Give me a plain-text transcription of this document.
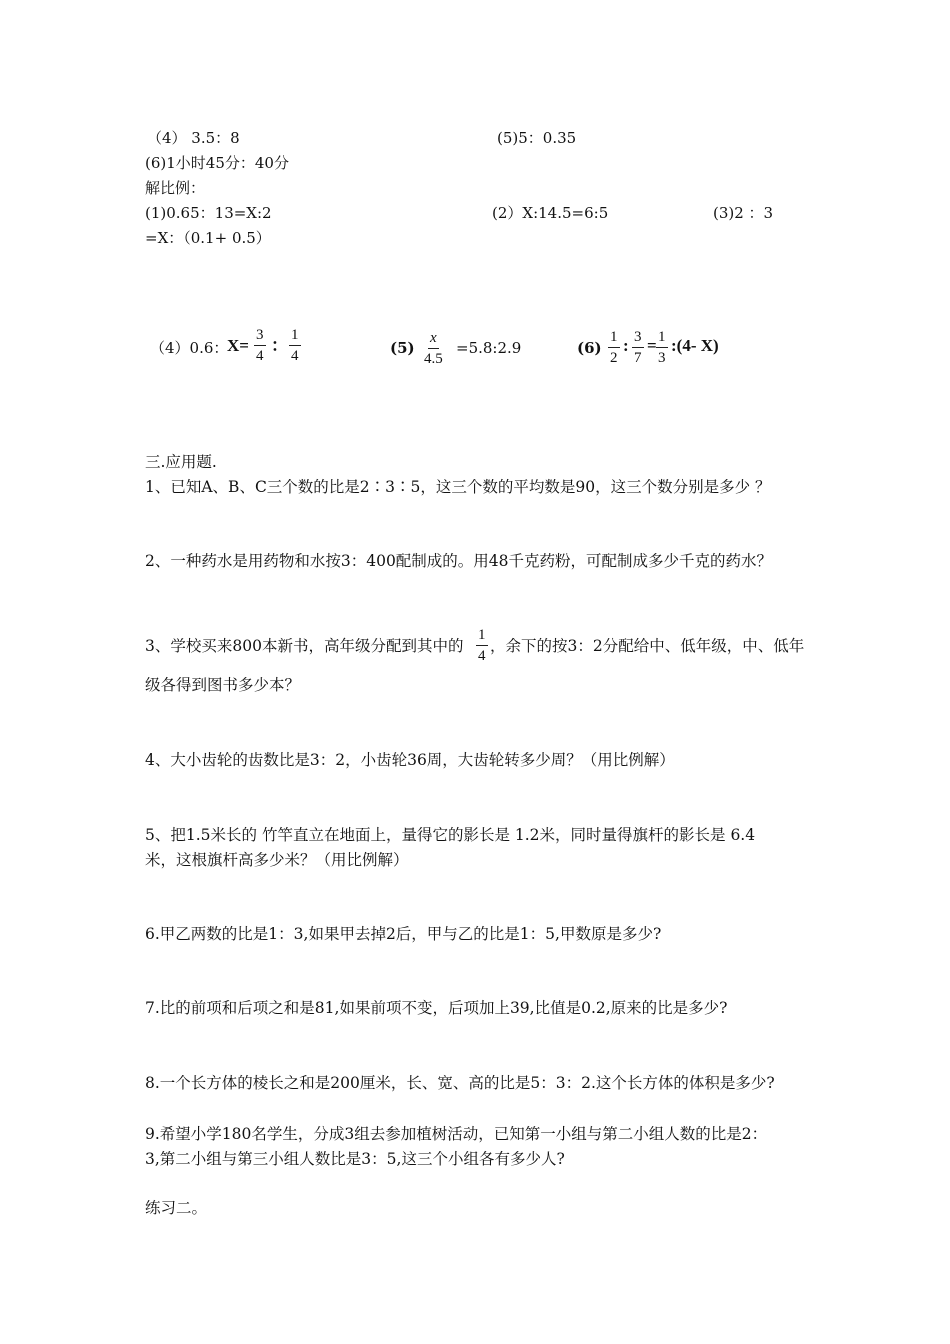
（4） 3.5：8	(5)5：0.35
(6)1小时45分：40分
解比例：
(1)0.65：13=X:2	(2）X:14.5=6:5	(3)2 ：3
=X：（0.1+ 0.5）
（4）0.6：
$X= \frac{3}{4}$ ： $\frac{1}{4}$	$(5) \frac{x}{4.5}$ =5.8:2.9	$(6) \frac{1}{2}$ : $\frac{3}{7} = \frac{1}{3}$ :(4- X)
三.应用题.
1、已知A、B、C三个数的比是2∶3∶5，这三个数的平均数是90，这三个数分别是多少 ？
2、一种药水是用药物和水按3：400配制成的。用48千克药粉，可配制成多少千克的药水？
3、学校买来800本新书，高年级分配到其中的 $\frac{1}{4}$ ，余下的按3：2分配给中、低年级，中、低年
级各得到图书多少本？
4、大小齿轮的齿数比是3：2，小齿轮36周，大齿轮转多少周？（用比例解）
5、把1.5米长的 竹竿直立在地面上，量得它的影长是 1.2米，同时量得旗杆的影长是 6.4
米，这根旗杆高多少米？（用比例解）
6.甲乙两数的比是1：3,如果甲去掉2后，甲与乙的比是1：5,甲数原是多少?
7.比的前项和后项之和是81,如果前项不变，后项加上39,比值是0.2,原来的比是多少?
8.一个长方体的棱长之和是200厘米，长、宽、高的比是5：3：2.这个长方体的体积是多少?
9.希望小学180名学生，分成3组去参加植树活动，已知第一小组与第二小组人数的比是2：
3,第二小组与第三小组人数比是3：5,这三个小组各有多少人?
练习二。
